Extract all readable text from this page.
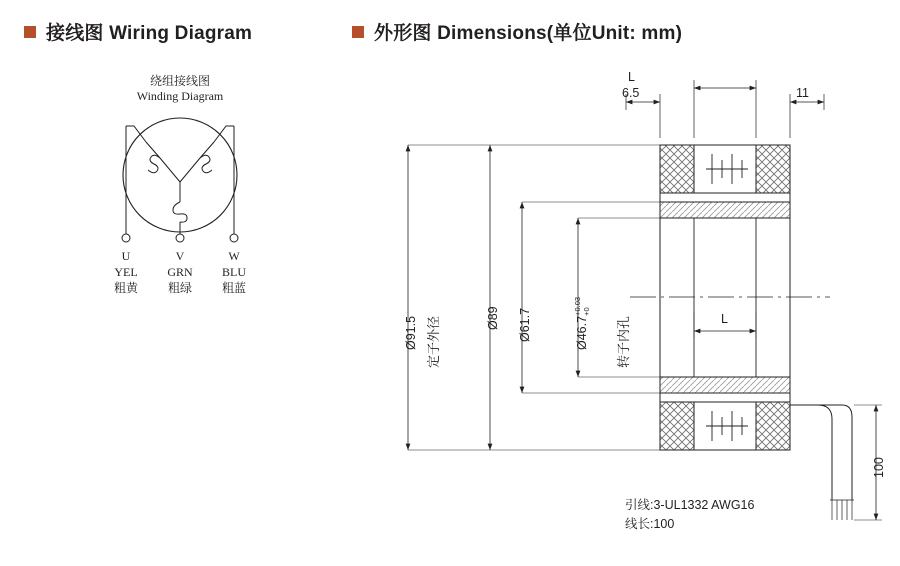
接线图 Wiring Diagram	外形图 Dimensions(单位Unit: mm)
绕组接线图
Winding Diagram
U
YEL
粗黄
V
GRN
粗绿
W
BLU
粗蓝
L
6.5	11
L
Ø91.5 定子外径	Ø89 Ø61.7	Ø46.7
+0.03 +0
转子内孔
100
引线:3-UL1332 AWG16
线长:100
